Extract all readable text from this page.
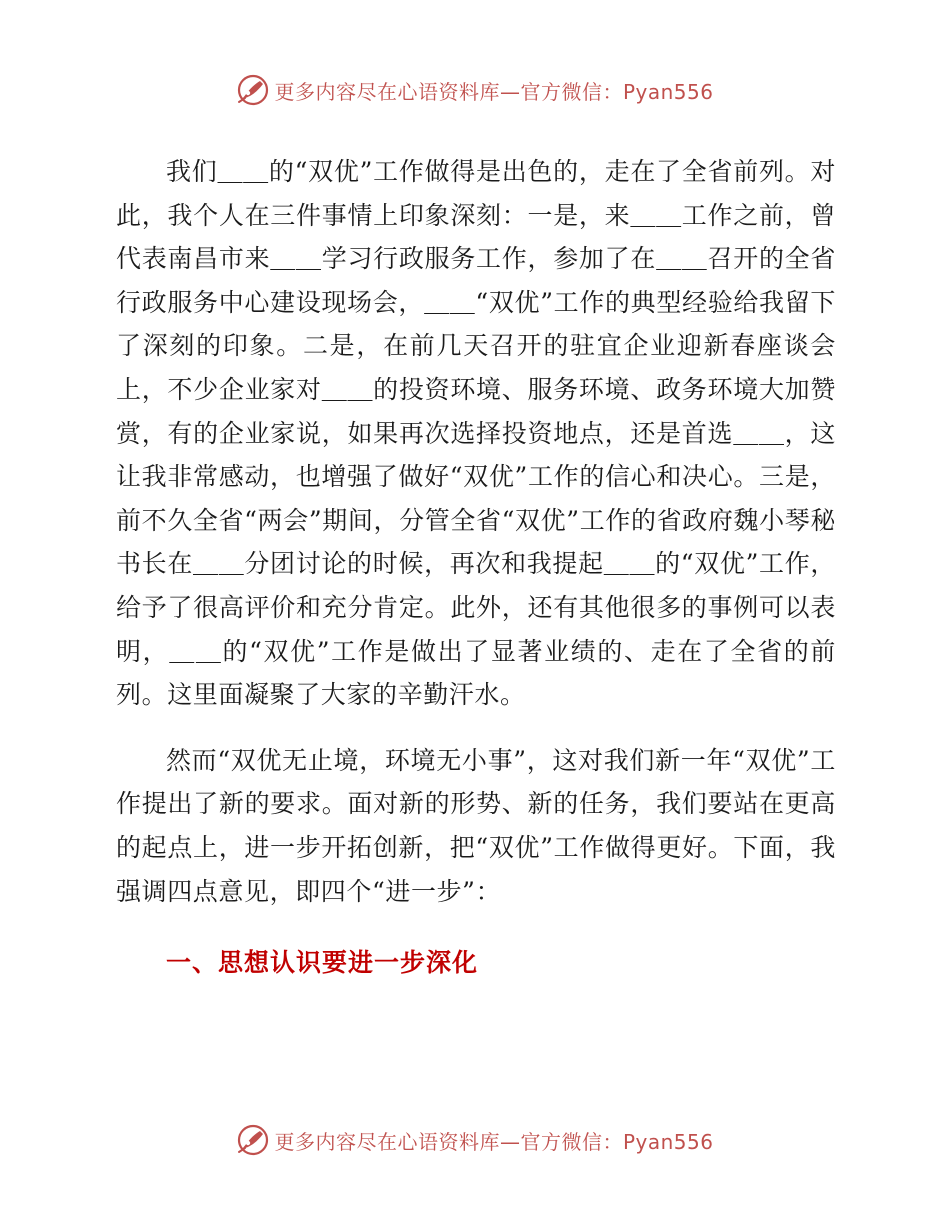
更多内容尽在心语资料库—官方微信：Pyan556

我们＿＿的“双优”工作做得是出色的，走在了全省前列。对此，我个人在三件事情上印象深刻：一是，来＿＿工作之前，曾代表南昌市来＿＿学习行政服务工作，参加了在＿＿召开的全省行政服务中心建设现场会，＿＿“双优”工作的典型经验给我留下了深刻的印象。二是，在前几天召开的驻宜企业迎新春座谈会上，不少企业家对＿＿的投资环境、服务环境、政务环境大加赞赏，有的企业家说，如果再次选择投资地点，还是首选＿＿，这让我非常感动，也增强了做好“双优”工作的信心和决心。三是，前不久全省“两会”期间，分管全省“双优”工作的省政府魏小琴秘书长在＿＿分团讨论的时候，再次和我提起＿＿的“双优”工作，给予了很高评价和充分肯定。此外，还有其他很多的事例可以表明，＿＿的“双优”工作是做出了显著业绩的、走在了全省的前列。这里面凝聚了大家的辛勤汗水。

然而“双优无止境，环境无小事”，这对我们新一年“双优”工作提出了新的要求。面对新的形势、新的任务，我们要站在更高的起点上，进一步开拓创新，把“双优”工作做得更好。下面，我强调四点意见，即四个“进一步”：

一、思想认识要进一步深化
更多内容尽在心语资料库—官方微信：Pyan556
